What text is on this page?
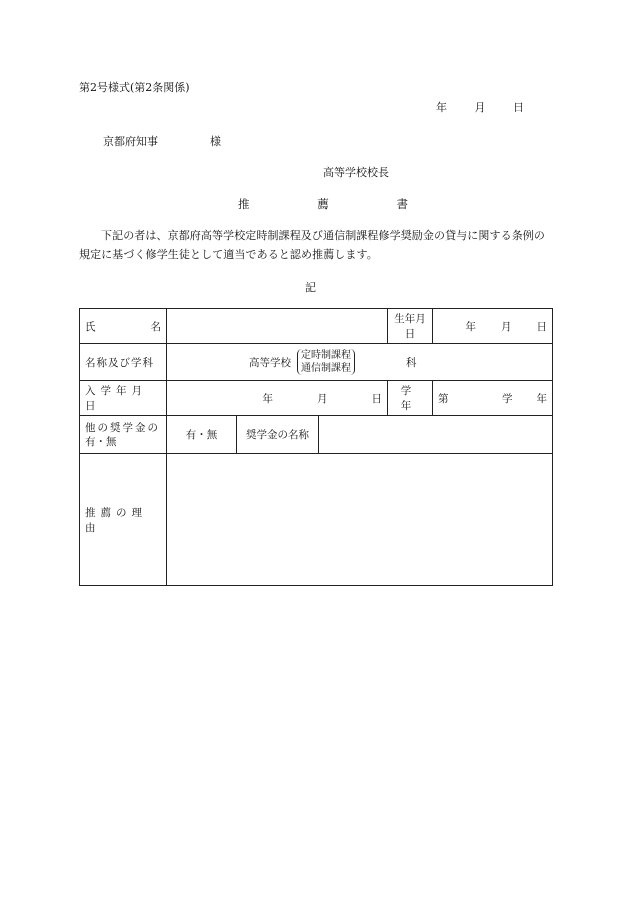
第2号様式(第2条関係)
年	月	日
京都府知事	様
高等学校校長
推	薦	書
下記の者は、京都府高等学校定時制課程及び通信制課程修学奨励金の貸与に関する条例の規定に基づく修学生徒として適当であると認め推薦します。
記
氏 名				生年月日	年 月 日

名称及び学科	高等学校
定時制課程
通信制課程 科				

入学年月日	年 月 日			学年	第 学年

他の奨学金の
有・無	有・無	奨学金の名称			
推薦の理由					
